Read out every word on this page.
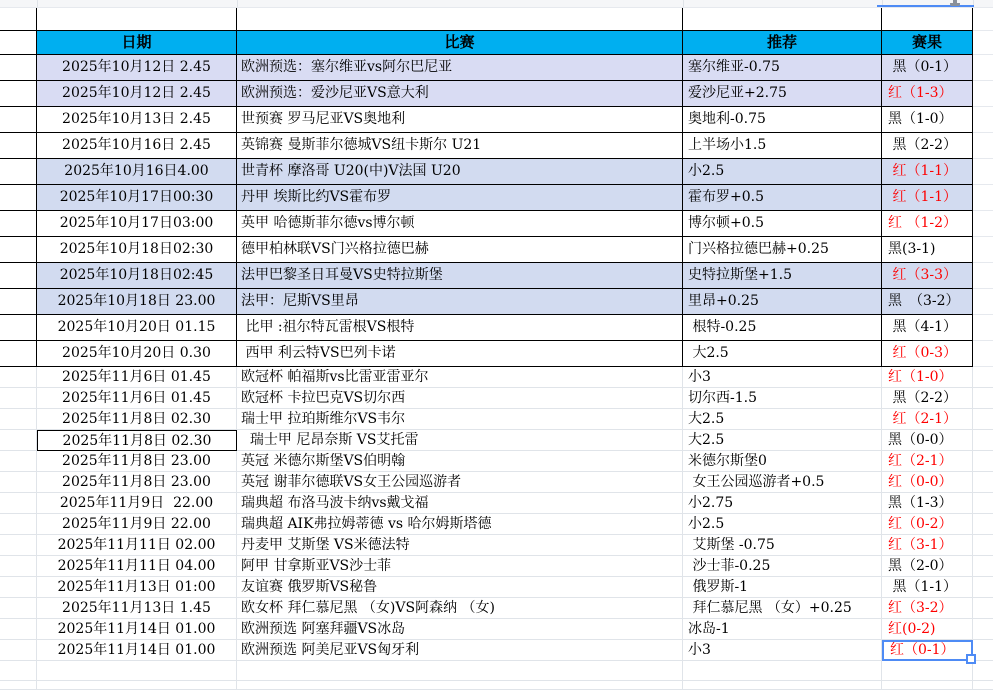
日期	比赛	推荐	赛果
2025年10月12日 2.45	欧洲预选：塞尔维亚vs阿尔巴尼亚	塞尔维亚-0.75	黑（0-1）
2025年10月12日 2.45	欧洲预选：爱沙尼亚VS意大利	爱沙尼亚+2.75	红（1-3）
2025年10月13日 2.45	世预赛 罗马尼亚VS奥地利	奥地利-0.75	黑（1-0）
2025年10月16日 2.45	英锦赛 曼斯菲尔德城VS纽卡斯尔 U21	上半场小1.5	黑（2-2）
2025年10月16日4.00	世青杯 摩洛哥 U20(中)V法国 U20	小2.5	红（1-1）
2025年10月17日00:30	丹甲 埃斯比约VS霍布罗	霍布罗+0.5	红（1-1）
2025年10月17日03:00	英甲 哈德斯菲尔德vs博尔顿	博尔顿+0.5	红 （1-2）
2025年10月18日02:30	德甲柏林联VS门兴格拉德巴赫	门兴格拉德巴赫+0.25	黑(3-1)
2025年10月18日02:45	法甲巴黎圣日耳曼VS史特拉斯堡	史特拉斯堡+1.5	红（3-3）
2025年10月18日 23.00	法甲：尼斯VS里昂	里昂+0.25	黑　（3-2）
2025年10月20日 01.15	比甲 :祖尔特瓦雷根VS根特	根特-0.25	黑（4-1）
2025年10月20日 0.30	西甲 利云特VS巴列卡诺	大2.5	红（0-3）
2025年11月6日 01.45	欧冠杯 帕福斯vs比雷亚雷亚尔	小3	红（1-0）
2025年11月6日 01.45	欧冠杯 卡拉巴克VS切尔西	切尔西-1.5	黑（2-2）
2025年11月8日 02.30	瑞士甲 拉珀斯维尔VS韦尔	大2.5	红（2-1）
2025年11月8日 02.30	瑞士甲 尼昂奈斯 VS艾托雷	大2.5	黑（0-0）
2025年11月8日 23.00	英冠 米德尔斯堡VS伯明翰	米德尔斯堡0	红（2-1）
2025年11月8日 23.00	英冠 谢菲尔德联VS女王公园巡游者	女王公园巡游者+0.5	红（0-0）
2025年11月9日  22.00	瑞典超 布洛马波卡纳vs戴戈福	小2.75	黑（1-3）
2025年11月9日 22.00	瑞典超 AIK弗拉姆蒂德 vs 哈尔姆斯塔德	小2.5	红（0-2）
2025年11月11日 02.00	丹麦甲 艾斯堡 VS米德法特	艾斯堡 -0.75	红（3-1）
2025年11月11日 04.00	阿甲 甘拿斯亚VS沙士菲	沙士菲-0.25	黑（2-0）
2025年11月13日 01:00	友谊赛 俄罗斯VS秘鲁	俄罗斯-1	黑（1-1）
2025年11月13日 1.45	欧女杯 拜仁慕尼黑 （女)VS阿森纳 （女)	拜仁慕尼黑 （女）+0.25	红（3-2）
2025年11月14日 01.00	欧洲预选 阿塞拜疆VS冰岛	冰岛-1	红(0-2)
2025年11月14日 01.00	欧洲预选 阿美尼亚VS匈牙利	小3	红（0-1）
